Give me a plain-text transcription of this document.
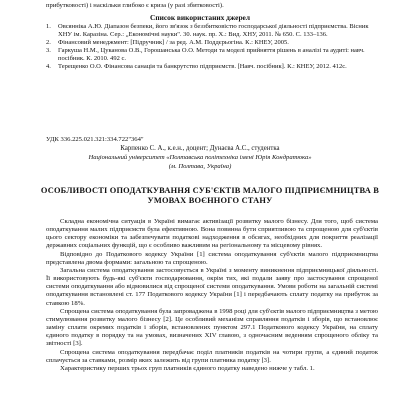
прибутковості) і наскільки глибоко є криза (у разі збитковості).
Список використаних джерел
1.	Овсянніка А.Ю. Діапазон безпеки, його зв'язок з беззбитковістю господарської діяльності підприємства. Вісник ХНУ ім. Каразіна. Сер.: „Економічні науки". 30. наук. пр. Х.: Вид. ХНУ, 2011. № 650. С. 133–136.
2.	Фінансовий менеджмент: [Підручник] / за ред. А.М. Поддєрьогіна. К.: КНЕУ, 2005.
3.	Гаркуша Н.М., Цуканова О.В., Горошанська О.О. Методи та моделі прийняття рішень в аналізі та аудиті: навч. посібник. К. 2010. 492 с.
4.	Терещенко О.О. Фінансова санація та банкрутство підприємств. [Навч. посібник]. К.: КНЕУ, 2012. 412с.
УДК 336.225.021.321:334.722"364"
Карпенко С. А., к.е.н., доцент; Дунаєва А.С., студентка
Національний університет «Полтавська політехніка імені Юрія Кондратюка»
(м. Полтава, Україна)
ОСОБЛИВОСТІ ОПОДАТКУВАННЯ СУБ'ЄКТІВ МАЛОГО ПІДПРИЄМНИЦТВА В УМОВАХ ВОЄННОГО СТАНУ

Складна економічна ситуація в Україні вимагає активізації розвитку малого бізнесу. Для того, щоб система оподаткування малих підприємств була ефективною. Вона повинна бути сприятливою та спрощеною для суб'єктів цього сектору економіки та забезпечувати податкові надходження в обсягах, необхідних для покриття реалізації державних соціальних функцій, що є особливо важливим на регіональному та місцевому рівнях.

Відповідно до Податкового кодексу України [1] система оподаткування суб'єктів малого підприємництва представлена двома формами: загальною та спрощеною.

Загальна система оподаткування застосовується в Україні з моменту виникнення підприємницької діяльності. Її використовують будь-які суб'єкти господарювання, окрім тих, які подали заяву про застосування спрощеної системи оподаткування або відмовилися від спрощеної системи оподаткування. Умови роботи на загальній системі оподаткування встановлені ст. 177 Податкового кодексу України [1] і передбачають сплату податку на прибуток за ставкою 18%.

Спрощена система оподаткування була запроваджена в 1998 році для суб'єктів малого підприємництва з метою стимулювання розвитку малого бізнесу [2]. Це особливий механізм справляння податків і зборів, що встановлює заміну сплати окремих податків і зборів, встановлених пунктом 297.1 Податкового кодексу України, на сплату єдиного податку в порядку та на умовах, визначених XIV главою, з одночасним веденням спрощеного обліку та звітності [3].

Спрощена система оподаткування передбачає поділ платників податків на чотири групи, а єдиний податок сплачується за ставками, розмір яких залежить від групи платника податку [3].

Характеристику перших трьох груп платників єдиного податку наведено нижче у табл. 1.
